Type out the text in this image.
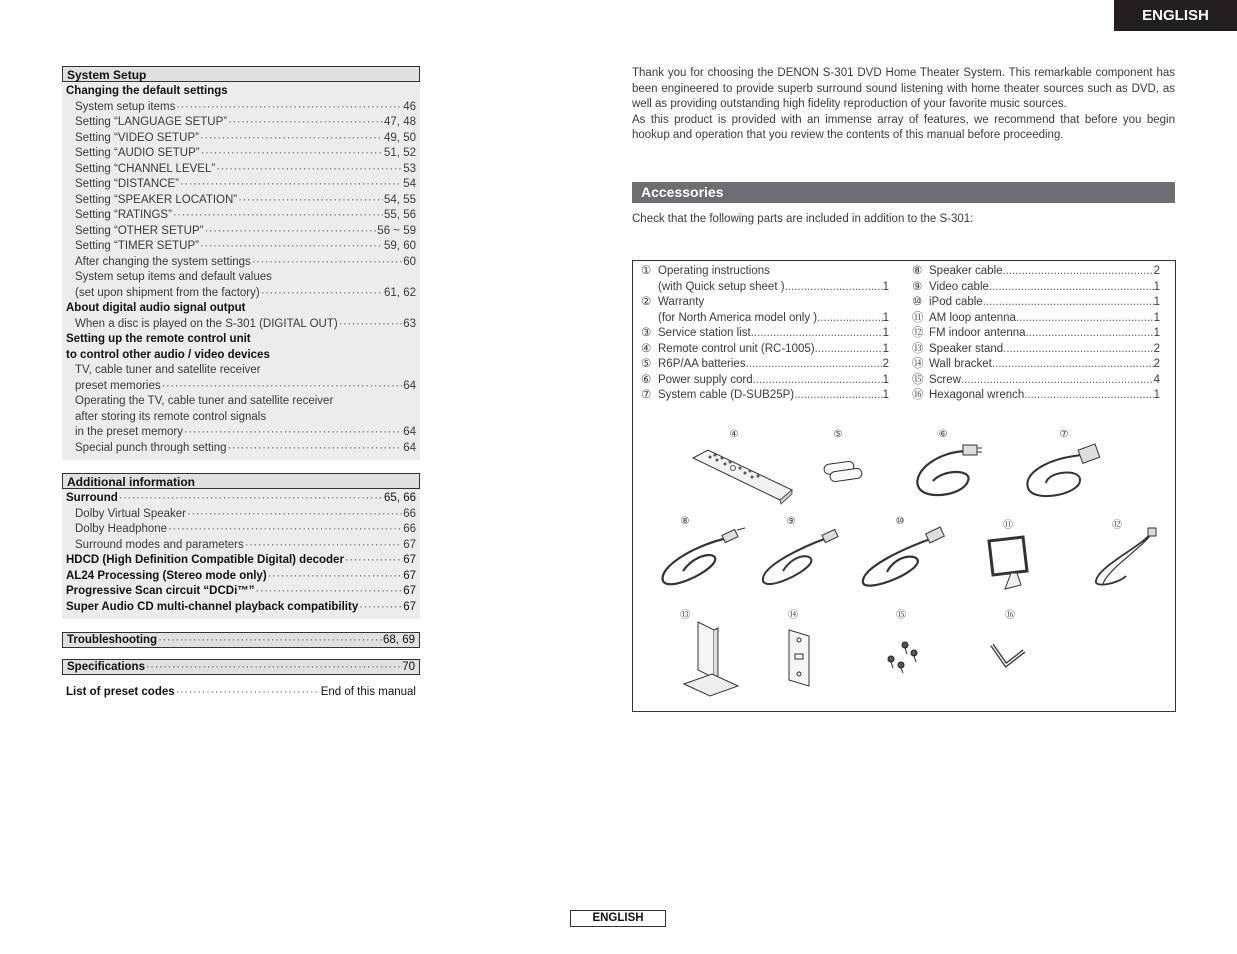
ENGLISH
System Setup
Changing the default settings
System setup items ·····	46
Setting “LANGUAGE SETUP” ·····	47, 48
Setting “VIDEO SETUP” ·····	49, 50
Setting “AUDIO SETUP” ·····	51, 52
Setting “CHANNEL LEVEL” ·····	53
Setting “DISTANCE” ·····	54
Setting “SPEAKER LOCATION” ·····	54, 55
Setting “RATINGS” ·····	55, 56
Setting “OTHER SETUP” ·····	56 ~ 59
Setting “TIMER SETUP” ·····	59, 60
After changing the system settings ·····	60
System setup items and default values
(set upon shipment from the factory) ·····	61, 62
About digital audio signal output
When a disc is played on the S-301 (DIGITAL OUT) ·····	63
Setting up the remote control unit
to control other audio / video devices
TV, cable tuner and satellite receiver
preset memories ·····	64
Operating the TV, cable tuner and satellite receiver
after storing its remote control signals
in the preset memory ·····	64
Special punch through setting ·····	64
Additional information
Surround ·····	65, 66
Dolby Virtual Speaker ·····	66
Dolby Headphone ·····	66
Surround modes and parameters ·····	67
HDCD (High Definition Compatible Digital) decoder ·····	67
AL24 Processing (Stereo mode only) ·····	67
Progressive Scan circuit “DCDi™” ·····	67
Super Audio CD multi-channel playback compatibility ·····	67
Troubleshooting ·····	68, 69
Specifications ·····	70
List of preset codes ·····	End of this manual

Thank you for choosing the DENON S-301 DVD Home Theater System. This remarkable component has been engineered to provide superb surround sound listening with home theater sources such as DVD, as well as providing outstanding high fidelity reproduction of your favorite music sources.

As this product is provided with an immense array of features, we recommend that before you begin hookup and operation that you review the contents of this manual before proceeding.

Accessories
Check that the following parts are included in addition to the S-301:
① Operating instructions
(with Quick setup sheet ) .....	1
② Warranty
(for North America model only ) .....	1
③ Service station list .....	1
④ Remote control unit (RC-1005) .....	1
⑤ R6P/AA batteries .....	2
⑥ Power supply cord .....	1
⑦ System cable (D-SUB25P) .....	1
⑧ Speaker cable .....	2
⑨ Video cable .....	1
⑩ iPod cable .....	1
⑪ AM loop antenna .....	1
⑫ FM indoor antenna .....	1
⑬ Speaker stand .....	2
⑭ Wall bracket .....	2
⑮ Screw .....	4
⑯ Hexagonal wrench .....	1
④	⑤	⑥	⑦
⑧	⑨	⑩	⑪	⑫
⑬	⑭	⑮	⑯
ENGLISH
